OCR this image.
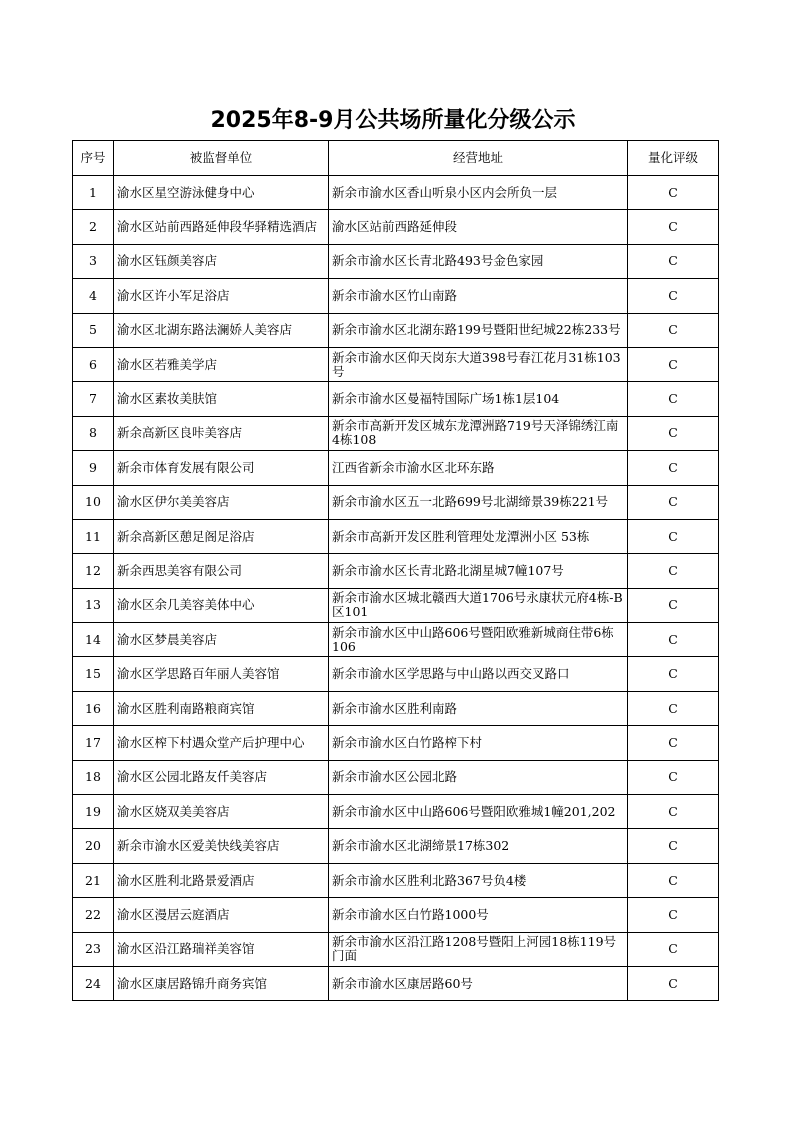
2025年8-9月公共场所量化分级公示
序号	被监督单位	经营地址	量化评级
1	渝水区星空游泳健身中心	新余市渝水区香山听泉小区内会所负一层	C
2	渝水区站前西路延伸段华驿精选酒店	渝水区站前西路延伸段	C
3	渝水区钰颜美容店	新余市渝水区长青北路493号金色家园	C
4	渝水区许小军足浴店	新余市渝水区竹山南路	C
5	渝水区北湖东路法澜娇人美容店	新余市渝水区北湖东路199号暨阳世纪城22栋233号	C
6	渝水区若雅美学店	新余市渝水区仰天岗东大道398号春江花月31栋103号	C
7	渝水区素妆美肤馆	新余市渝水区曼福特国际广场1栋1层104	C
8	新余高新区良咔美容店	新余市高新开发区城东龙潭洲路719号天泽锦绣江南4栋108	C
9	新余市体育发展有限公司	江西省新余市渝水区北环东路	C
10	渝水区伊尔美美容店	新余市渝水区五一北路699号北湖缔景39栋221号	C
11	新余高新区憩足阁足浴店	新余市高新开发区胜利管理处龙潭洲小区 53栋	C
12	新余西思美容有限公司	新余市渝水区长青北路北湖星城7幢107号	C
13	渝水区余几美容美体中心	新余市渝水区城北赣西大道1706号永康状元府4栋-B区101	C
14	渝水区梦晨美容店	新余市渝水区中山路606号暨阳欧雅新城商住带6栋106	C
15	渝水区学思路百年丽人美容馆	新余市渝水区学思路与中山路以西交叉路口	C
16	渝水区胜利南路粮商宾馆	新余市渝水区胜利南路	C
17	渝水区榨下村遇众堂产后护理中心	新余市渝水区白竹路榨下村	C
18	渝水区公园北路友仟美容店	新余市渝水区公园北路	C
19	渝水区娆双美美容店	新余市渝水区中山路606号暨阳欧雅城1幢201,202	C
20	新余市渝水区爱美快线美容店	新余市渝水区北湖缔景17栋302	C
21	渝水区胜利北路景爱酒店	新余市渝水区胜利北路367号负4楼	C
22	渝水区漫居云庭酒店	新余市渝水区白竹路1000号	C
23	渝水区沿江路瑞祥美容馆	新余市渝水区沿江路1208号暨阳上河园18栋119号门面	C
24	渝水区康居路锦升商务宾馆	新余市渝水区康居路60号	C
